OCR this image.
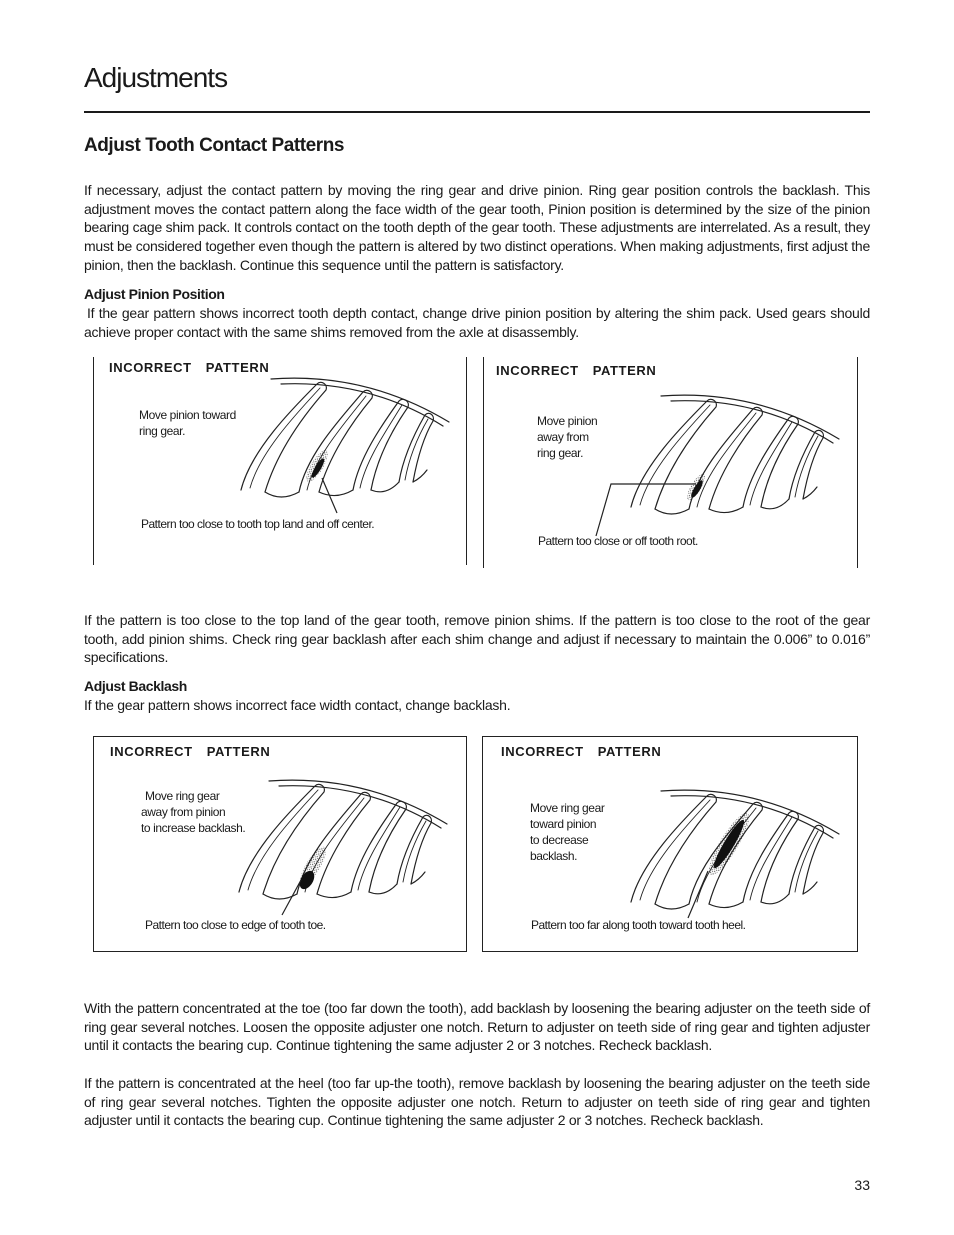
Adjustments
Adjust Tooth Contact Patterns
If necessary, adjust the contact pattern by moving the ring gear and drive pinion. Ring gear position controls the backlash. This adjustment moves the contact pattern along the face width of the gear tooth, Pinion position is determined by the size of the pinion bearing cage shim pack. It controls contact on the tooth depth of the gear tooth. These adjustments are interrelated. As a result, they must be considered together even though the pattern is altered by two distinct operations. When making adjustments, first adjust the pinion, then the backlash. Continue this sequence until the pattern is satisfactory.
Adjust Pinion Position
If the gear pattern shows incorrect tooth depth contact, change drive pinion position by altering the shim pack. Used gears should achieve proper contact with the same shims removed from the axle at disassembly.
INCORRECT PATTERN
Move pinion toward
ring gear.
Pattern too close to tooth top land and off center.
INCORRECT PATTERN
Move pinion
away from
ring gear.
Pattern too close or off tooth root.
If the pattern is too close to the top land of the gear tooth, remove pinion shims. If the pattern is too close to the root of the gear tooth, add pinion shims. Check ring gear backlash after each shim change and adjust if necessary to maintain the 0.006” to 0.016” specifications.
Adjust Backlash
If the gear pattern shows incorrect face width contact, change backlash.
INCORRECT PATTERN
Move ring gear
away from pinion
to increase backlash.
Pattern too close to edge of tooth toe.
INCORRECT PATTERN
Move ring gear
toward pinion
to decrease
backlash.
Pattern too far along tooth toward tooth heel.
With the pattern concentrated at the toe (too far down the tooth), add backlash by loosening the bearing adjuster on the teeth side of ring gear several notches. Loosen the opposite adjuster one notch. Return to adjuster on teeth side of ring gear and tighten adjuster until it contacts the bearing cup. Continue tightening the same adjuster 2 or 3 notches. Recheck backlash.
If the pattern is concentrated at the heel (too far up-the tooth), remove backlash by loosening the bearing adjuster on the teeth side of ring gear several notches. Tighten the opposite adjuster one notch. Return to adjuster on teeth side of ring gear and tighten adjuster until it contacts the bearing cup. Continue tightening the same adjuster 2 or 3 notches. Recheck backlash.
33
